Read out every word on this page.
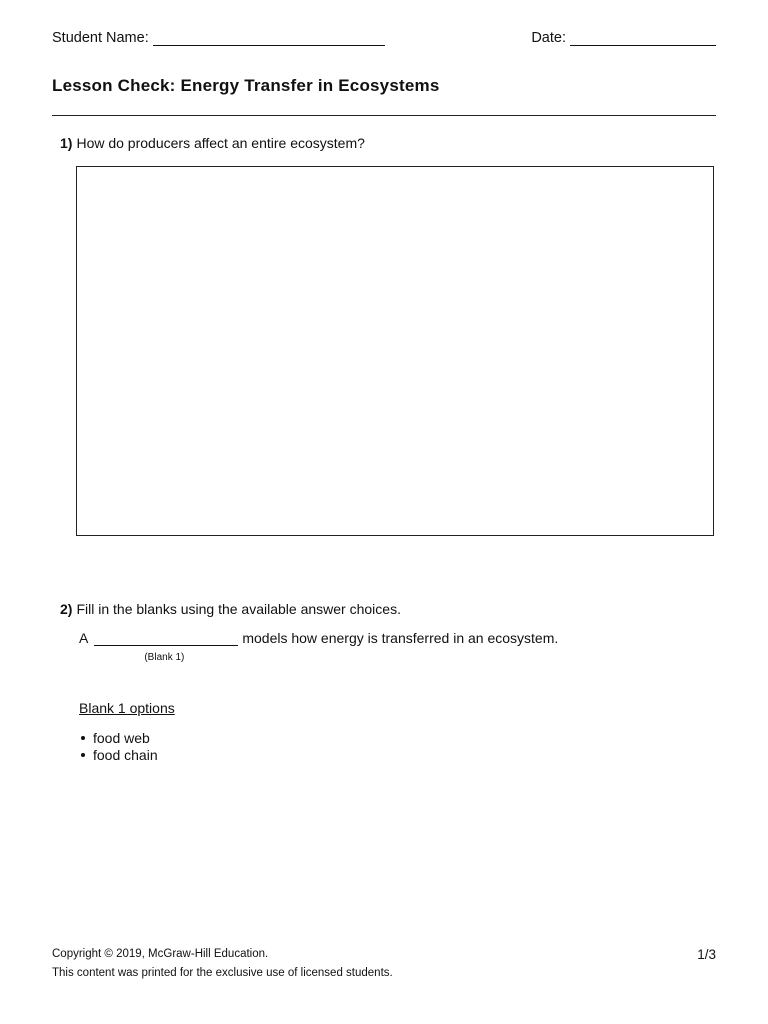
Student Name:	Date:
Lesson Check: Energy Transfer in Ecosystems
1) How do producers affect an entire ecosystem?
2) Fill in the blanks using the available answer choices.
A
(Blank 1)
models how energy is transferred in an ecosystem.
Blank 1 options
food web
food chain
Copyright © 2019, McGraw-Hill Education.
This content was printed for the exclusive use of licensed students.
1/3
